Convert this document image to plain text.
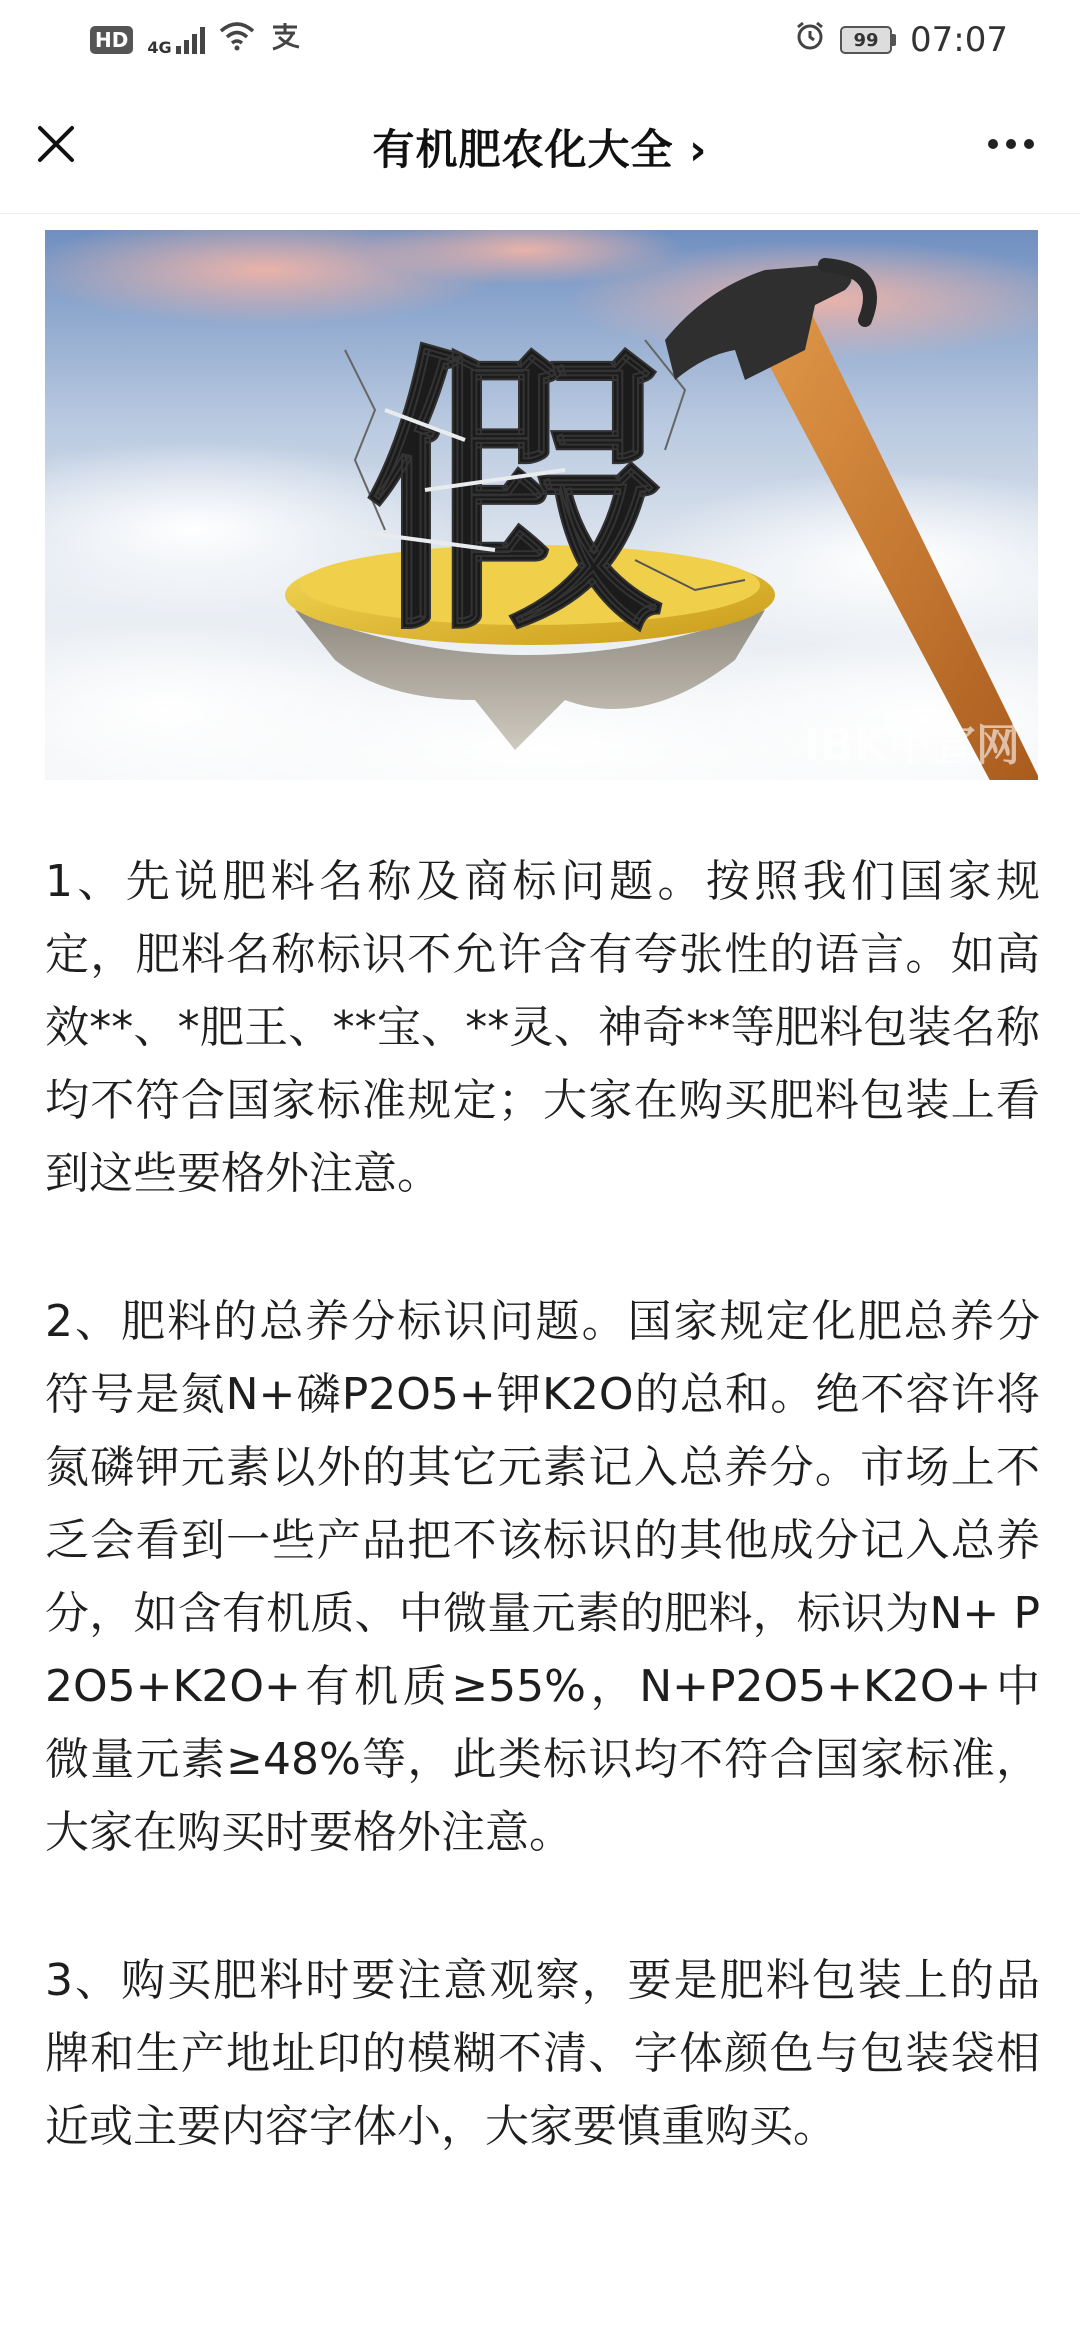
HD	4G	99 07:07
有机肥农化大全 ›
假
IBK中宣网

1、先说肥料名称及商标问题。按照我们国家规定，肥料名称标识不允许含有夸张性的语言。如高效**、*肥王、**宝、**灵、神奇**等肥料包装名称均不符合国家标准规定；大家在购买肥料包装上看到这些要格外注意。

2、肥料的总养分标识问题。国家规定化肥总养分符号是氮N+磷P2O5+钾K2O的总和。绝不容许将氮磷钾元素以外的其它元素记入总养分。市场上不乏会看到一些产品把不该标识的其他成分记入总养分，如含有机质、中微量元素的肥料，标识为N+ P2O5+K2O+有机质≥55%，N+P2O5+K2O+中微量元素≥48%等，此类标识均不符合国家标准，大家在购买时要格外注意。

3、购买肥料时要注意观察，要是肥料包装上的品牌和生产地址印的模糊不清、字体颜色与包装袋相近或主要内容字体小，大家要慎重购买。
